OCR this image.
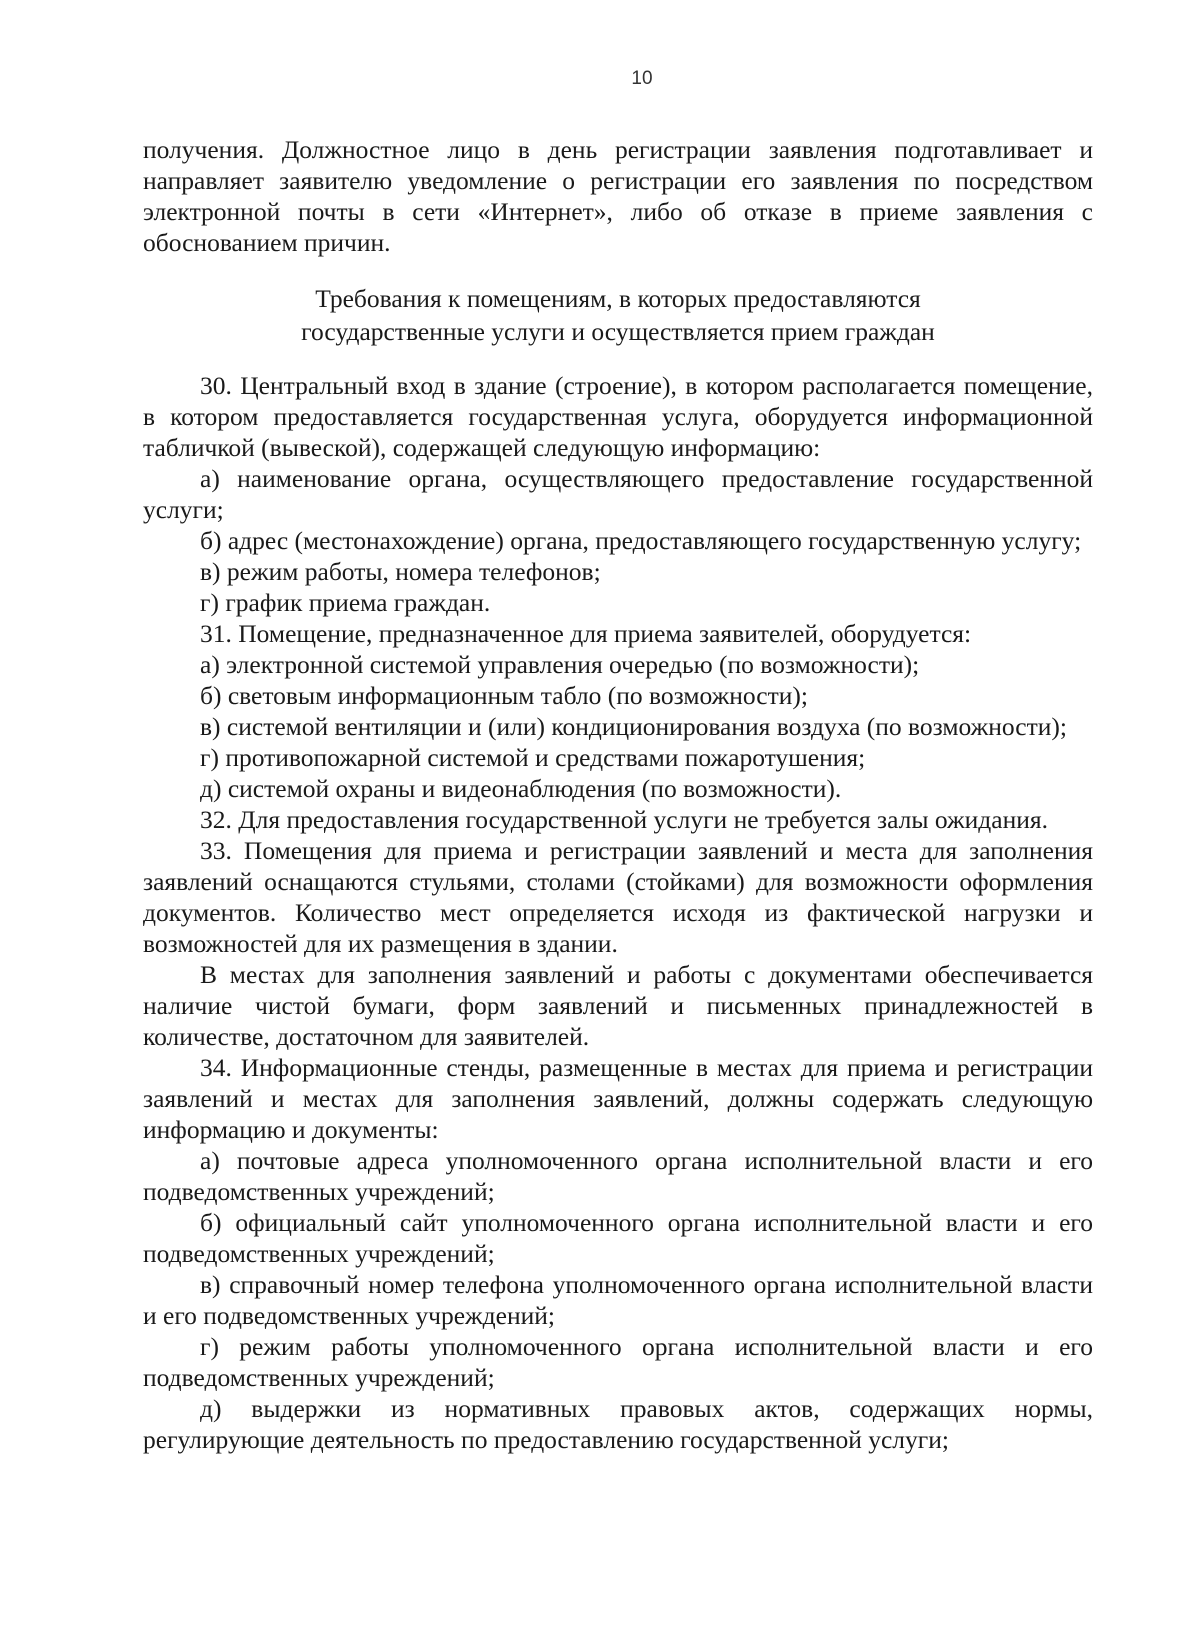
10

получения. Должностное лицо в день регистрации заявления подготавливает и направляет заявителю уведомление о регистрации его заявления по посредством электронной почты в сети «Интернет», либо об отказе в приеме заявления с обоснованием причин.

Требования к помещениям, в которых предоставляются
государственные услуги и осуществляется прием граждан

30. Центральный вход в здание (строение), в котором располагается помещение, в котором предоставляется государственная услуга, оборудуется информационной табличкой (вывеской), содержащей следующую информацию:

а) наименование органа, осуществляющего предоставление государственной услуги;

б) адрес (местонахождение) органа, предоставляющего государственную услугу;

в) режим работы, номера телефонов;

г) график приема граждан.

31. Помещение, предназначенное для приема заявителей, оборудуется:

а) электронной системой управления очередью (по возможности);

б) световым информационным табло (по возможности);

в) системой вентиляции и (или) кондиционирования воздуха (по возможности);

г) противопожарной системой и средствами пожаротушения;

д) системой охраны и видеонаблюдения (по возможности).

32. Для предоставления государственной услуги не требуется залы ожидания.

33. Помещения для приема и регистрации заявлений и места для заполнения заявлений оснащаются стульями, столами (стойками) для возможности оформления документов. Количество мест определяется исходя из фактической нагрузки и возможностей для их размещения в здании.

В местах для заполнения заявлений и работы с документами обеспечивается наличие чистой бумаги, форм заявлений и письменных принадлежностей в количестве, достаточном для заявителей.

34. Информационные стенды, размещенные в местах для приема и регистрации заявлений и местах для заполнения заявлений, должны содержать следующую информацию и документы:

а) почтовые адреса уполномоченного органа исполнительной власти и его подведомственных учреждений;

б) официальный сайт уполномоченного органа исполнительной власти и его подведомственных учреждений;

в) справочный номер телефона уполномоченного органа исполнительной власти и его подведомственных учреждений;

г) режим работы уполномоченного органа исполнительной власти и его подведомственных учреждений;

д) выдержки из нормативных правовых актов, содержащих нормы, регулирующие деятельность по предоставлению государственной услуги;
